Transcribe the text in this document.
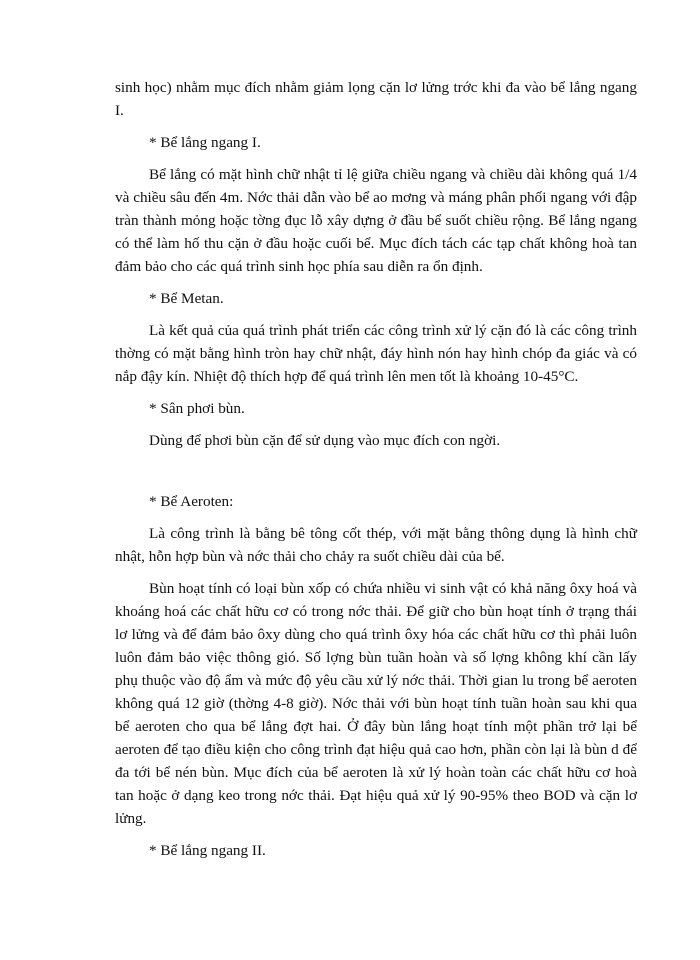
sinh học) nhằm mục đích nhằm giảm lọng cặn lơ lửng trớc khi đa vào bể lắng ngang I.

* Bể lắng ngang I.

Bể lắng có mặt hình chữ nhật tỉ lệ giữa chiều ngang và chiều dài không quá 1/4 và chiều sâu đến 4m. Nớc thải dẫn vào bể ao mơng và máng phân phối ngang với đập tràn thành mỏng hoặc tờng đục lỗ xây dựng ở đầu bể suốt chiều rộng. Bể lắng ngang có thể làm hố thu cặn ở đầu hoặc cuối bể. Mục đích tách các tạp chất không hoà tan đảm bảo cho các quá trình sinh học phía sau diễn ra ổn định.

* Bể Metan.

Là kết quả của quá trình phát triển các công trình xử lý cặn đó là các công trình thờng có mặt bằng hình tròn hay chữ nhật, đáy hình nón hay hình chóp đa giác và có nắp đậy kín. Nhiệt độ thích hợp để quá trình lên men tốt là khoảng 10-45°C.

* Sân phơi bùn.

Dùng để phơi bùn cặn để sử dụng vào mục đích con ngời.

* Bể Aeroten:

Là công trình là bằng bê tông cốt thép, với mặt bằng thông dụng là hình chữ nhật, hỗn hợp bùn và nớc thải cho chảy ra suốt chiều dài của bể.

Bùn hoạt tính có loại bùn xốp có chứa nhiều vi sinh vật có khả năng ôxy hoá và khoáng hoá các chất hữu cơ có trong nớc thải. Để giữ cho bùn hoạt tính ở trạng thái lơ lửng và để đảm bảo ôxy dùng cho quá trình ôxy hóa các chất hữu cơ thì phải luôn luôn đảm bảo việc thông gió. Số lợng bùn tuần hoàn và số lợng không khí cần lấy phụ thuộc vào độ ẩm và mức độ yêu cầu xử lý nớc thải. Thời gian lu trong bể aeroten không quá 12 giờ (thờng 4-8 giờ). Nớc thải với bùn hoạt tính tuần hoàn sau khi qua bể aeroten cho qua bể lắng đợt hai. Ở đây bùn lắng hoạt tính một phần trở lại bể aeroten để tạo điều kiện cho công trình đạt hiệu quả cao hơn, phần còn lại là bùn d để đa tới bể nén bùn. Mục đích của bể aeroten là xử lý hoàn toàn các chất hữu cơ hoà tan hoặc ở dạng keo trong nớc thải. Đạt hiệu quả xử lý 90-95% theo BOD và cặn lơ lửng.

* Bể lắng ngang II.
